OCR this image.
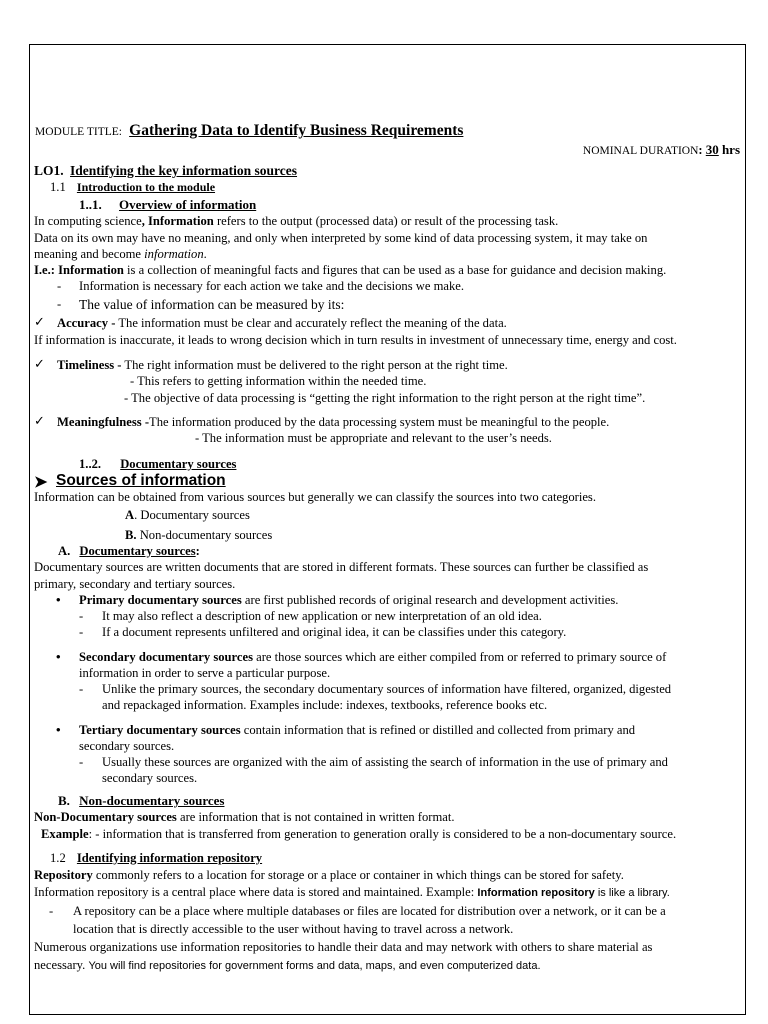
MODULE TITLE: Gathering Data to Identify Business Requirements
NOMINAL DURATION: 30 hrs
LO1. Identifying the key information sources
1.1 Introduction to the module
1..1. Overview of information
In computing science, Information refers to the output (processed data) or result of the processing task.
Data on its own may have no meaning, and only when interpreted by some kind of data processing system, it may take on
meaning and become information.
I.e.: Information is a collection of meaningful facts and figures that can be used as a base for guidance and decision making.
- Information is necessary for each action we take and the decisions we make.
- The value of information can be measured by its:
✓ Accuracy - The information must be clear and accurately reflect the meaning of the data.
If information is inaccurate, it leads to wrong decision which in turn results in investment of unnecessary time, energy and cost.
✓ Timeliness - The right information must be delivered to the right person at the right time.
- This refers to getting information within the needed time.
- The objective of data processing is “getting the right information to the right person at the right time”.
✓ Meaningfulness -The information produced by the data processing system must be meaningful to the people.
- The information must be appropriate and relevant to the user’s needs.
1..2. Documentary sources
➤ Sources of information
Information can be obtained from various sources but generally we can classify the sources into two categories.
A. Documentary sources
B. Non-documentary sources
A. Documentary sources:
Documentary sources are written documents that are stored in different formats. These sources can further be classified as
primary, secondary and tertiary sources.
• Primary documentary sources are first published records of original research and development activities.
- It may also reflect a description of new application or new interpretation of an old idea.
- If a document represents unfiltered and original idea, it can be classifies under this category.
• Secondary documentary sources are those sources which are either compiled from or referred to primary source of
information in order to serve a particular purpose.
- Unlike the primary sources, the secondary documentary sources of information have filtered, organized, digested
and repackaged information. Examples include: indexes, textbooks, reference books etc.
• Tertiary documentary sources contain information that is refined or distilled and collected from primary and
secondary sources.
- Usually these sources are organized with the aim of assisting the search of information in the use of primary and
secondary sources.
B. Non-documentary sources
Non-Documentary sources are information that is not contained in written format.
Example: - information that is transferred from generation to generation orally is considered to be a non-documentary source.
1.2 Identifying information repository
Repository commonly refers to a location for storage or a place or container in which things can be stored for safety.
Information repository is a central place where data is stored and maintained. Example: Information repository is like a library.
- A repository can be a place where multiple databases or files are located for distribution over a network, or it can be a
location that is directly accessible to the user without having to travel across a network.
Numerous organizations use information repositories to handle their data and may network with others to share material as
necessary. You will find repositories for government forms and data, maps, and even computerized data.
